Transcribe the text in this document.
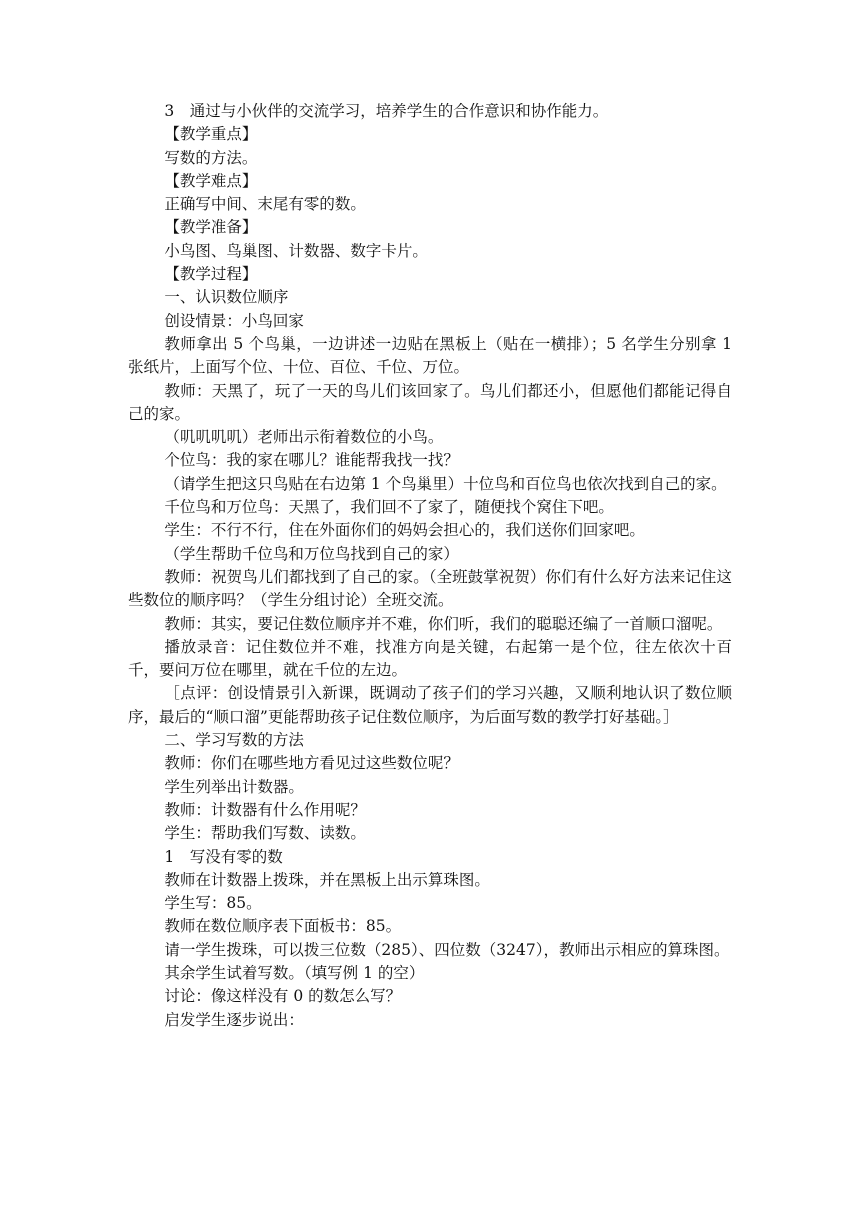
3　通过与小伙伴的交流学习，培养学生的合作意识和协作能力。

【教学重点】

写数的方法。

【教学难点】

正确写中间、末尾有零的数。

【教学准备】

小鸟图、鸟巢图、计数器、数字卡片。

【教学过程】

一、认识数位顺序

创设情景：小鸟回家

教师拿出 5 个鸟巢，一边讲述一边贴在黑板上（贴在一横排）；5 名学生分别拿 1 张纸片，上面写个位、十位、百位、千位、万位。

教师：天黑了，玩了一天的鸟儿们该回家了。鸟儿们都还小，但愿他们都能记得自己的家。

（叽叽叽叽）老师出示衔着数位的小鸟。

个位鸟：我的家在哪儿？谁能帮我找一找？

（请学生把这只鸟贴在右边第 1 个鸟巢里）十位鸟和百位鸟也依次找到自己的家。

千位鸟和万位鸟：天黑了，我们回不了家了，随便找个窝住下吧。

学生：不行不行，住在外面你们的妈妈会担心的，我们送你们回家吧。

（学生帮助千位鸟和万位鸟找到自己的家）

教师：祝贺鸟儿们都找到了自己的家。（全班鼓掌祝贺）你们有什么好方法来记住这些数位的顺序吗？（学生分组讨论）全班交流。

教师：其实，要记住数位顺序并不难，你们听，我们的聪聪还编了一首顺口溜呢。

播放录音：记住数位并不难，找准方向是关键，右起第一是个位，往左依次十百千，要问万位在哪里，就在千位的左边。

［点评：创设情景引入新课，既调动了孩子们的学习兴趣，又顺利地认识了数位顺序，最后的“顺口溜”更能帮助孩子记住数位顺序，为后面写数的教学打好基础。］

二、学习写数的方法

教师：你们在哪些地方看见过这些数位呢？

学生列举出计数器。

教师：计数器有什么作用呢？

学生：帮助我们写数、读数。

1　写没有零的数

教师在计数器上拨珠，并在黑板上出示算珠图。

学生写：85。

教师在数位顺序表下面板书：85。

请一学生拨珠，可以拨三位数（285）、四位数（3247），教师出示相应的算珠图。

其余学生试着写数。（填写例 1 的空）

讨论：像这样没有 0 的数怎么写？

启发学生逐步说出：
